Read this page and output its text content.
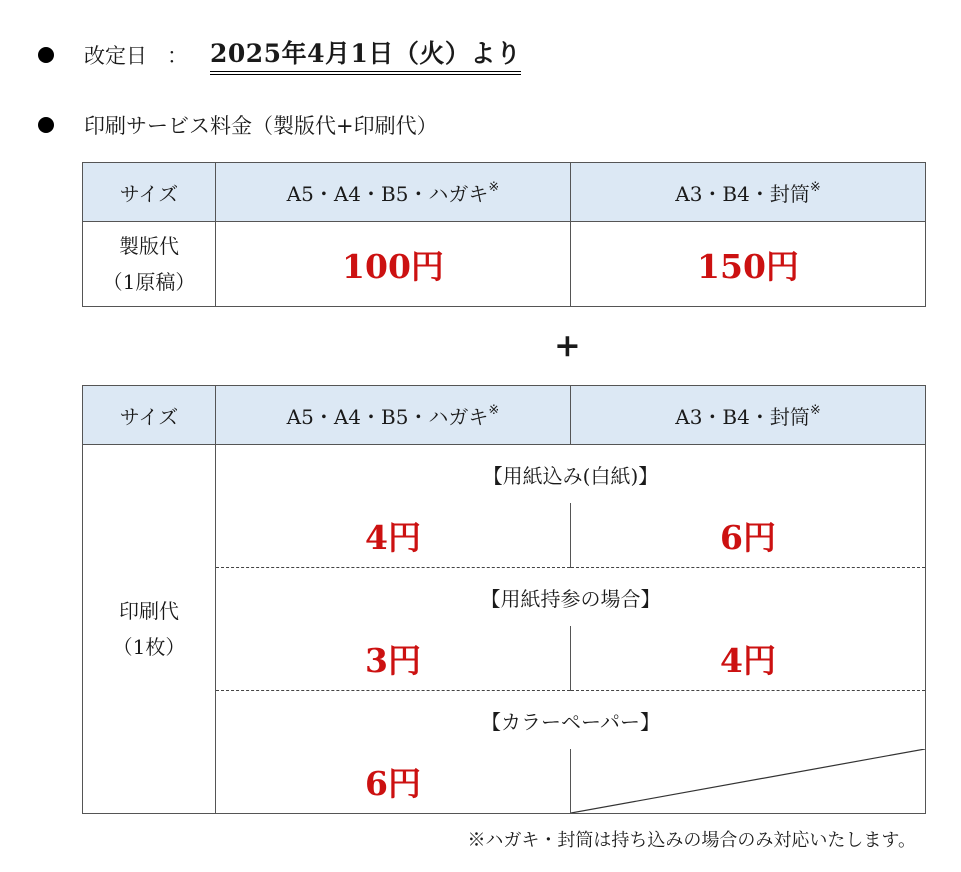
改定日 ： 2025年4月1日（火）より
印刷サービス料金（製版代+印刷代）
サイズ	A5・A4・B5・ハガキ※	A3・B4・封筒※

製版代
（1原稿）	100円	150円
+
サイズ	A5・A4・B5・ハガキ※	A3・B4・封筒※

印刷代
（1枚）	【用紙込み(白紙)】	
	4円	6円
	【用紙持参の場合】	
	3円	4円
	【カラーペーパー】	
	6円	
※ハガキ・封筒は持ち込みの場合のみ対応いたします。
